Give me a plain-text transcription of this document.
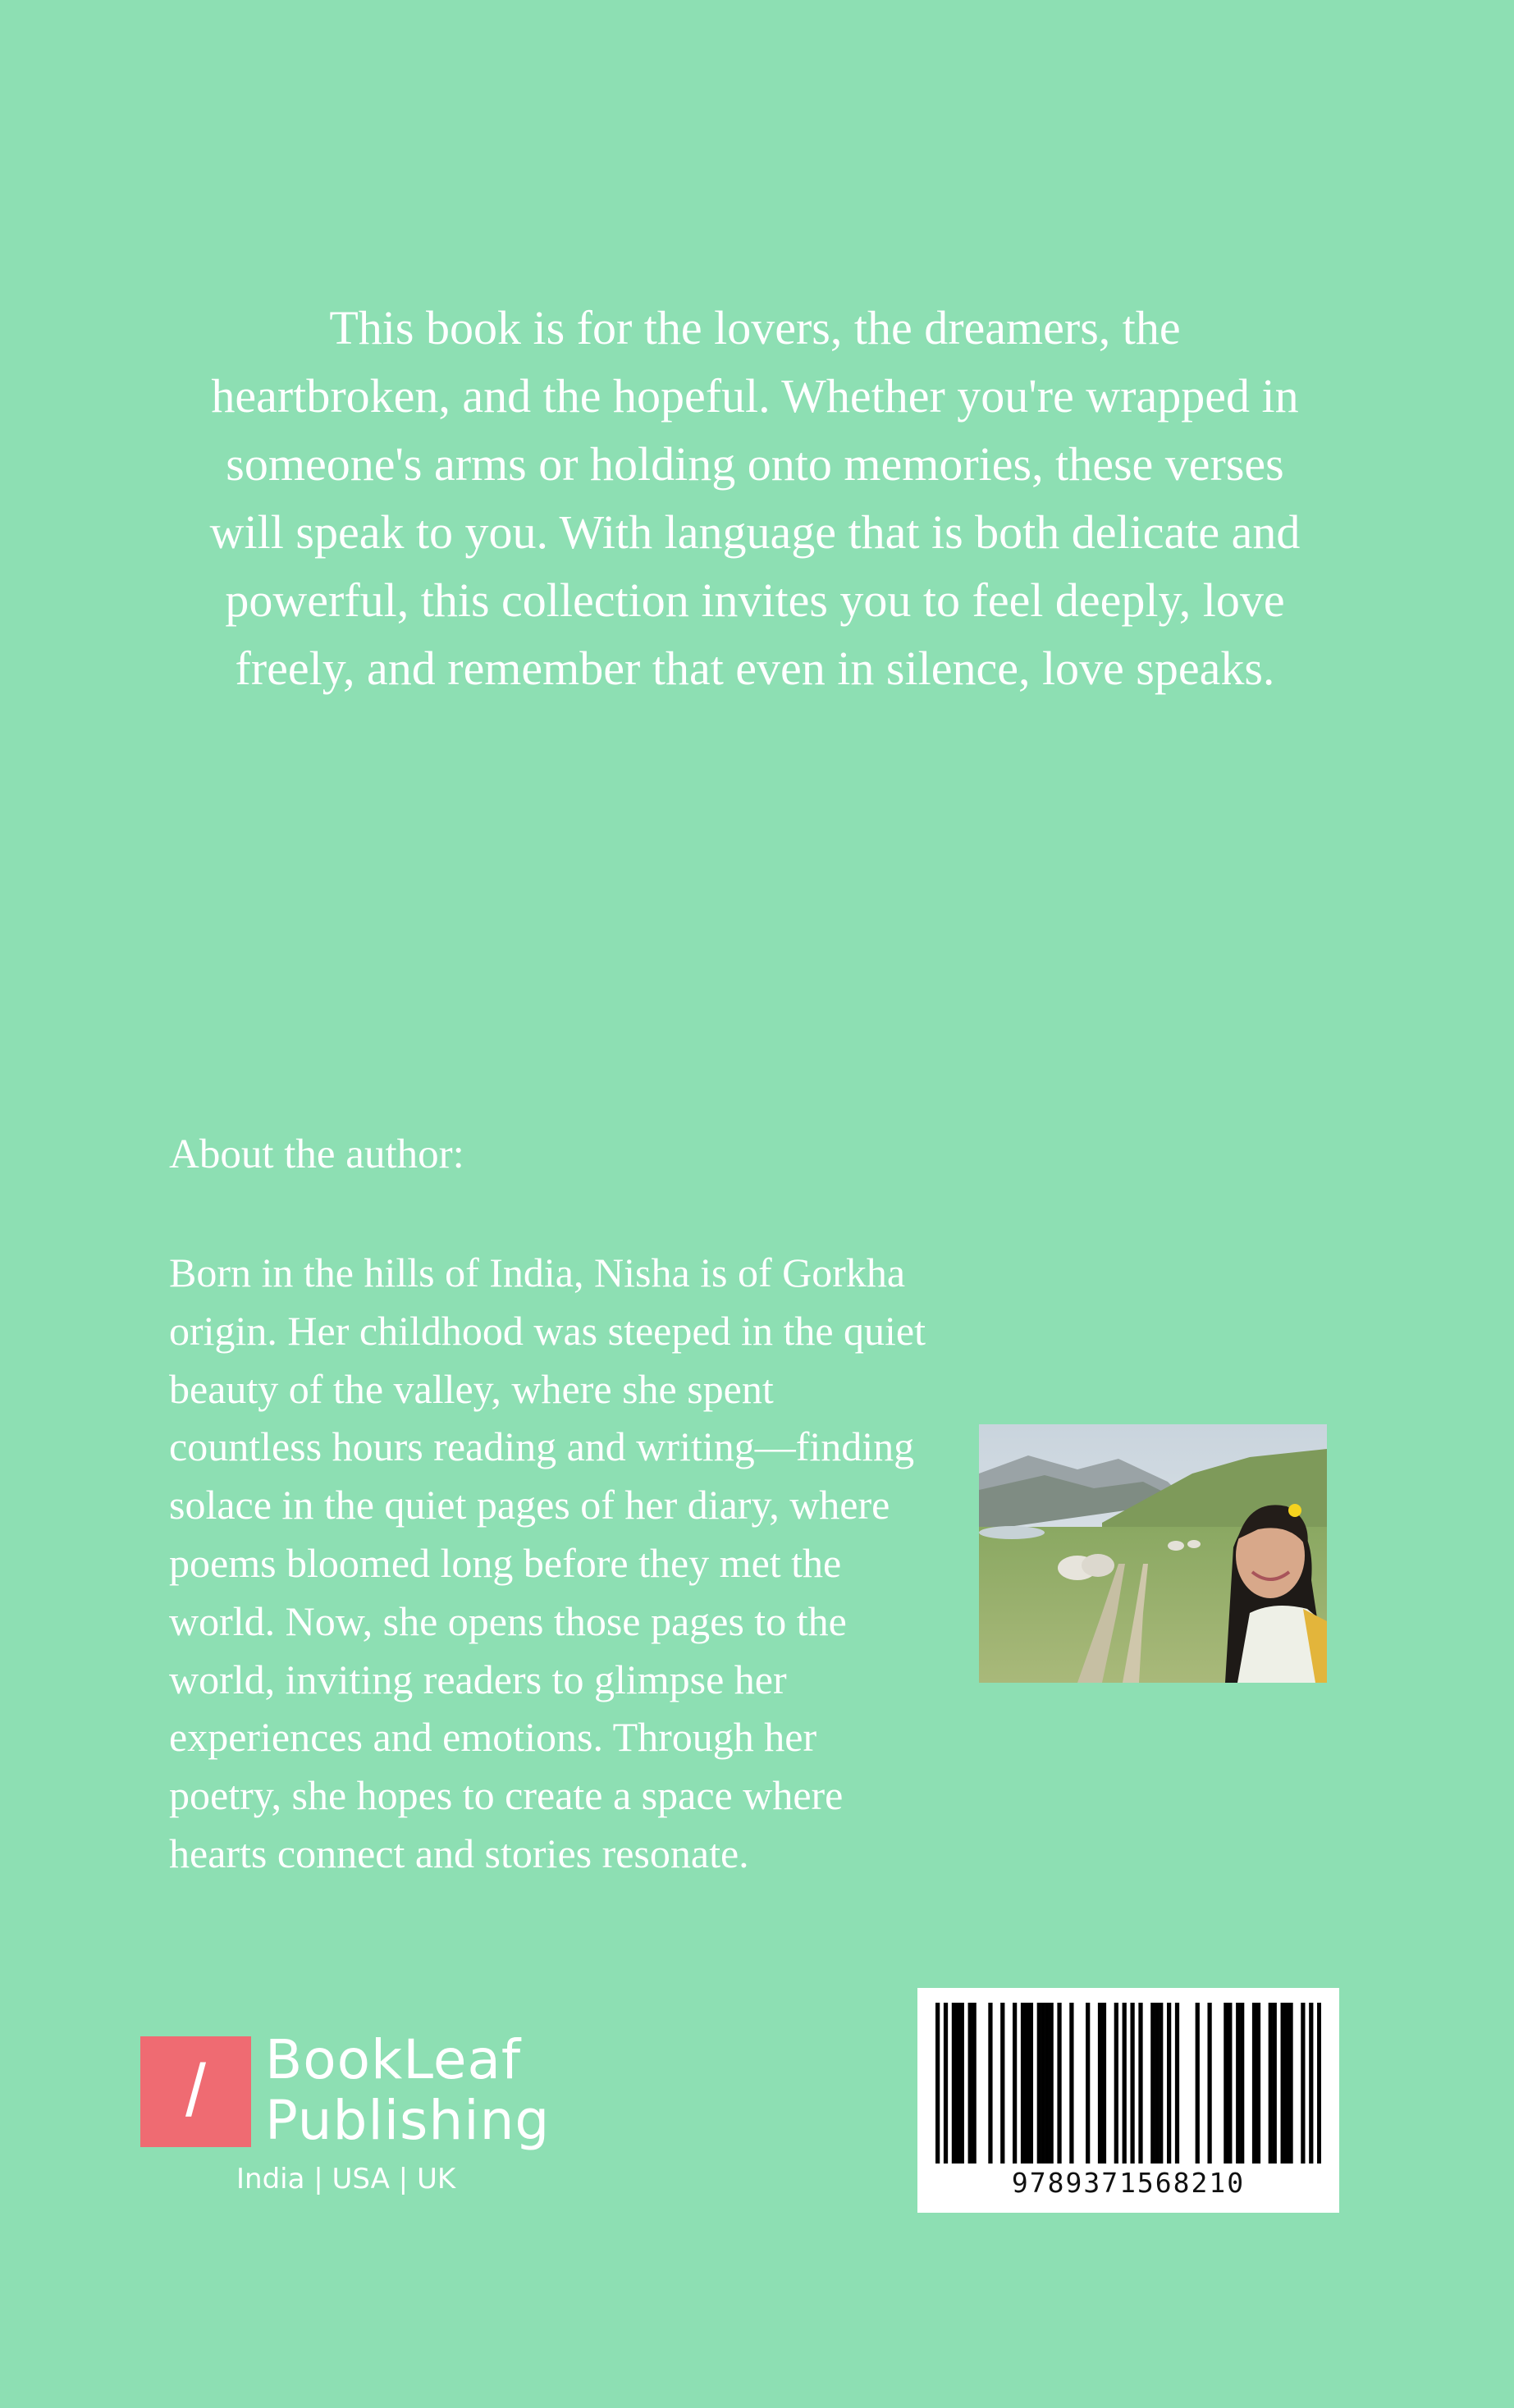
This book is for the lovers, the dreamers, the
heartbroken, and the hopeful. Whether you're wrapped in
someone's arms or holding onto memories, these verses
will speak to you. With language that is both delicate and
powerful, this collection invites you to feel deeply, love
freely, and remember that even in silence, love speaks.
About the author:
Born in the hills of India, Nisha is of Gorkha
origin. Her childhood was steeped in the quiet
beauty of the valley, where she spent
countless hours reading and writing—finding
solace in the quiet pages of her diary, where
poems bloomed long before they met the
world. Now, she opens those pages to the
world, inviting readers to glimpse her
experiences and emotions. Through her
poetry, she hopes to create a space where
hearts connect and stories resonate.
/	BookLeaf
Publishing
India | USA | UK	9789371568210
